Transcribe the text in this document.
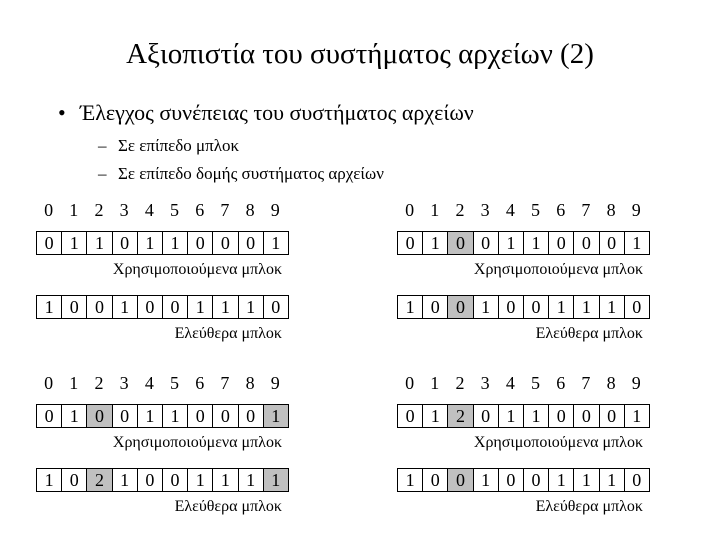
Αξιοπιστία του συστήματος αρχείων (2)
• Έλεγχος συνέπειας του συστήματος αρχείων
– Σε επίπεδο μπλοκ
– Σε επίπεδο δομής συστήματος αρχείων
0 1 2 3 4 5 6 7 8 9
0 1 1 0 1 1 0 0 0 1
Χρησιμοποιούμενα μπλοκ
1 0 0 1 0 0 1 1 1 0
Ελεύθερα μπλοκ
0 1 2 3 4 5 6 7 8 9
0 1 0 0 1 1 0 0 0 1
Χρησιμοποιούμενα μπλοκ
1 0 0 1 0 0 1 1 1 0
Ελεύθερα μπλοκ
0 1 2 3 4 5 6 7 8 9
0 1 0 0 1 1 0 0 0 1
Χρησιμοποιούμενα μπλοκ
1 0 2 1 0 0 1 1 1 1
Ελεύθερα μπλοκ
0 1 2 3 4 5 6 7 8 9
0 1 2 0 1 1 0 0 0 1
Χρησιμοποιούμενα μπλοκ
1 0 0 1 0 0 1 1 1 0
Ελεύθερα μπλοκ
